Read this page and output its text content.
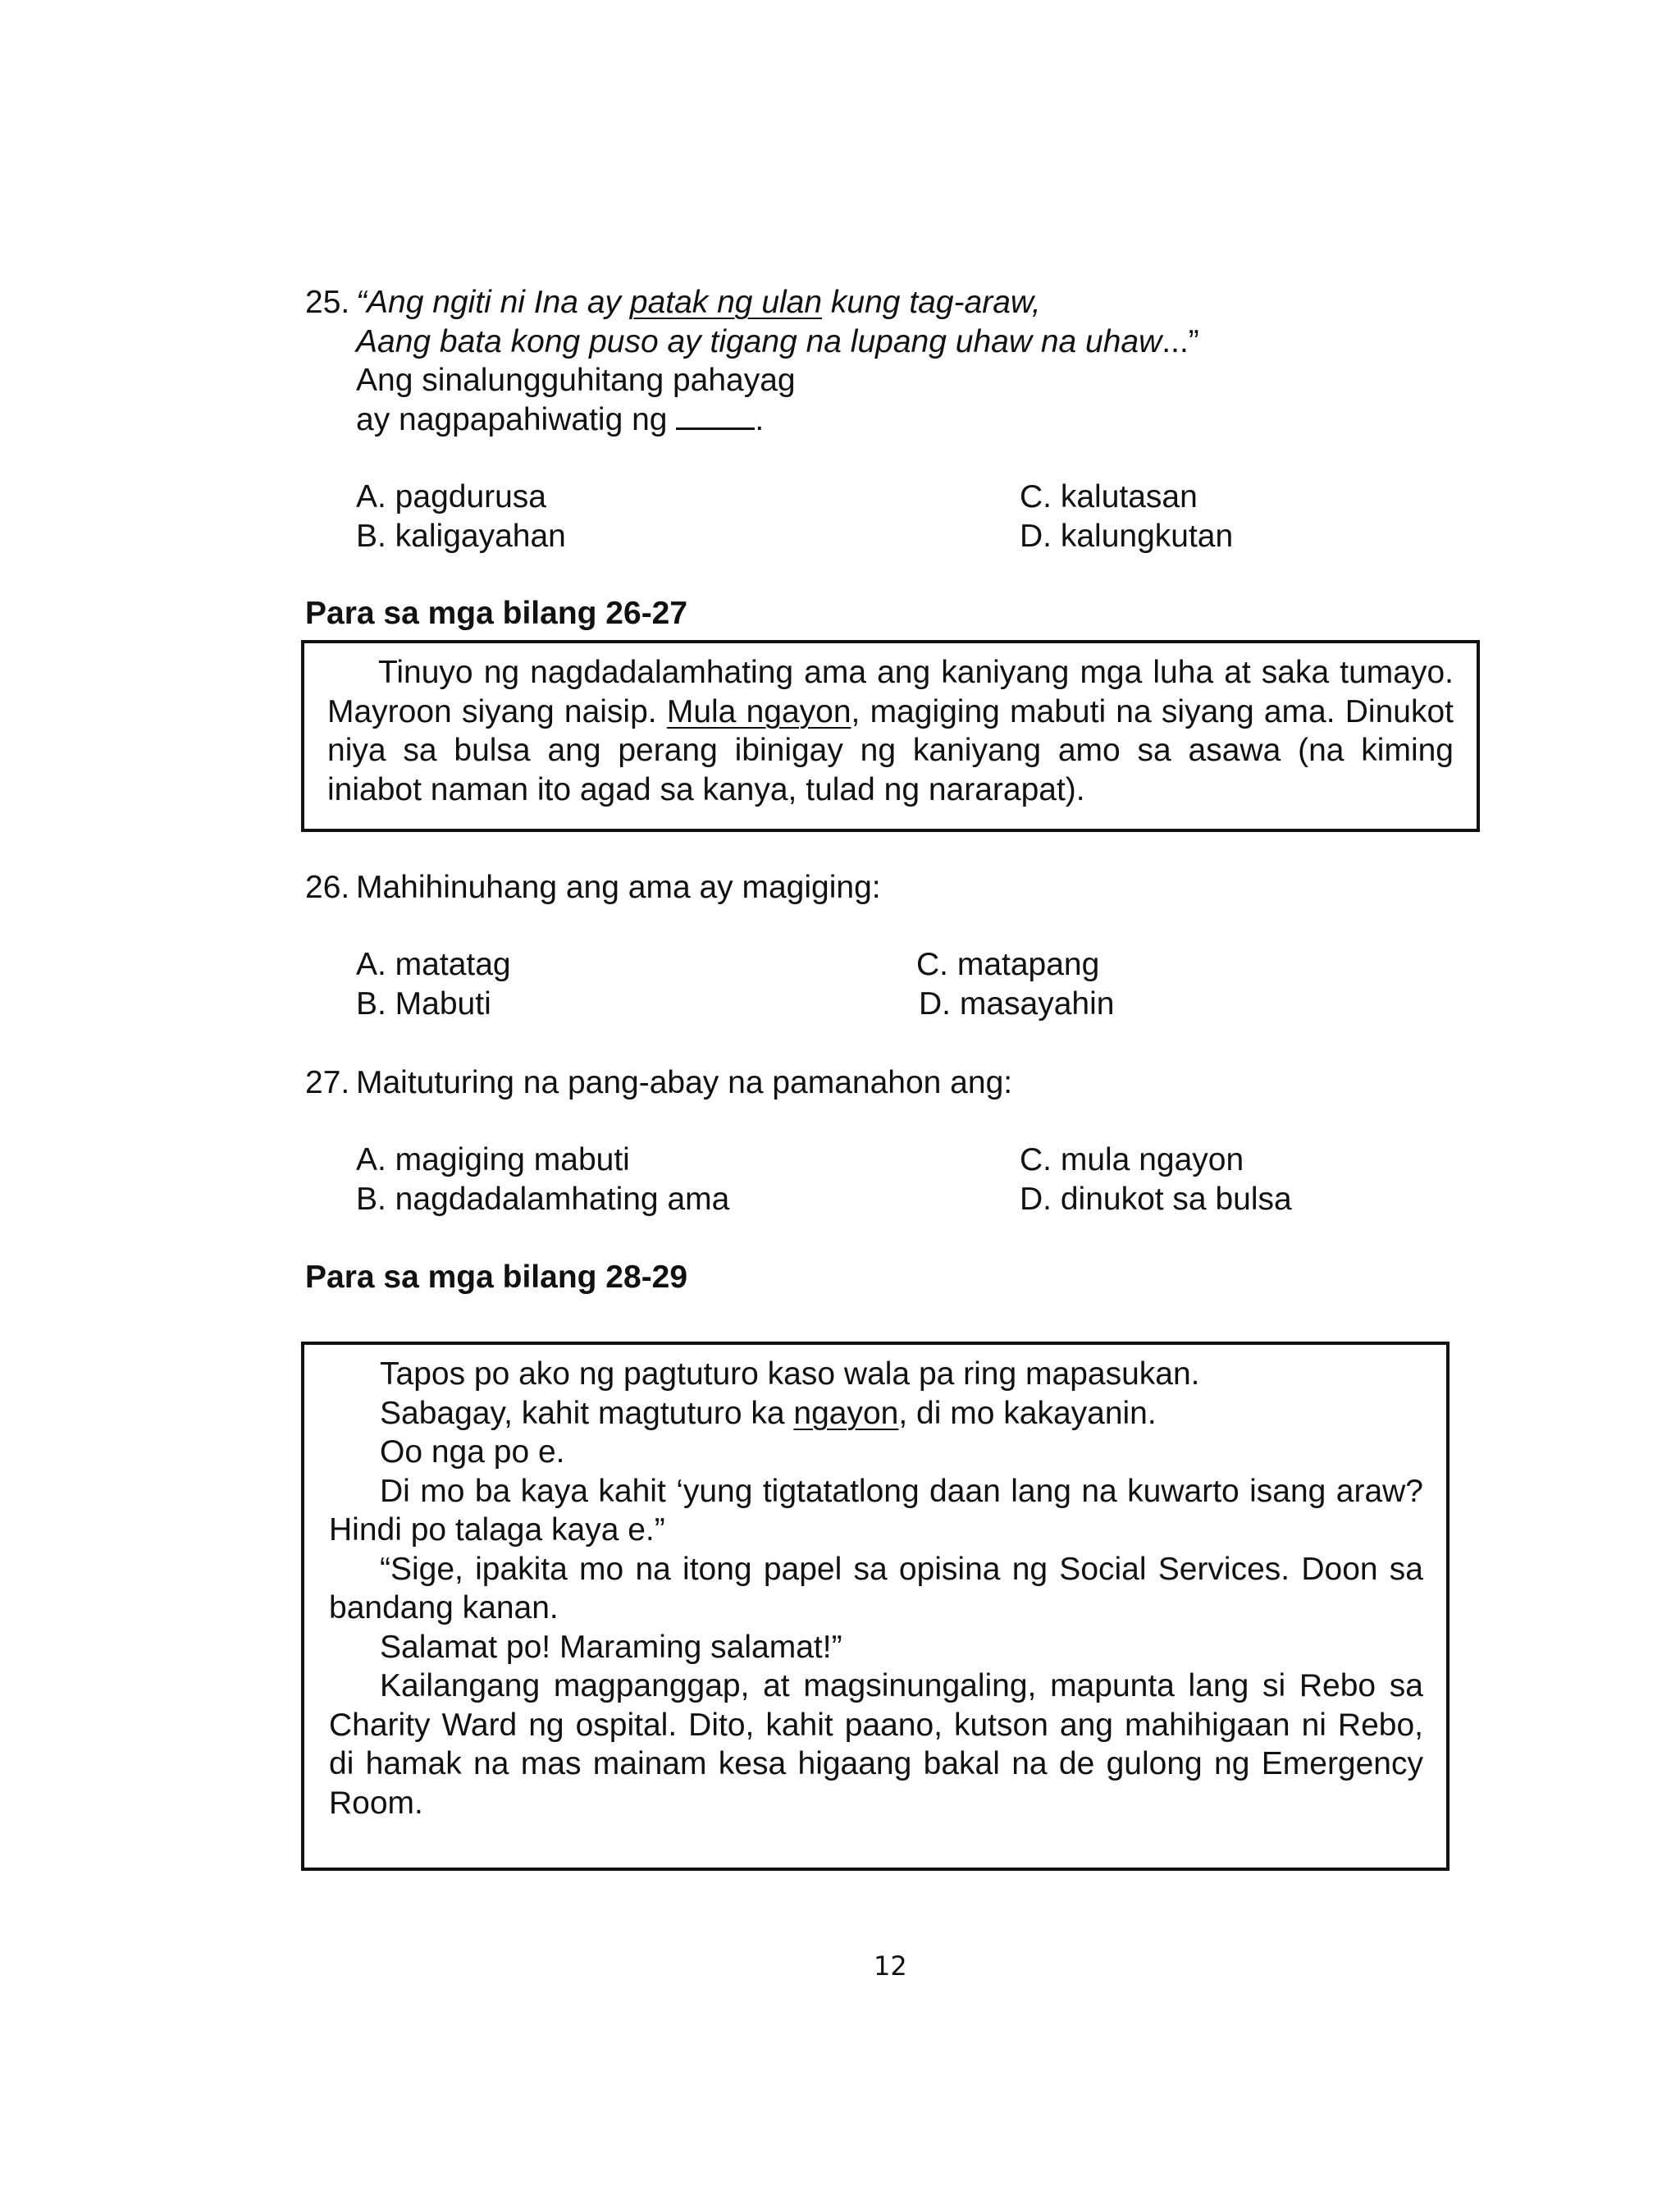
25. “Ang ngiti ni Ina ay patak ng ulan kung tag-araw,
Aang bata kong puso ay tigang na lupang uhaw na uhaw...”
Ang sinalungguhitang pahayag
ay nagpapahiwatig ng	.
A. pagdurusa
B. kaligayahan
C. kalutasan
D. kalungkutan
Para sa mga bilang 26-27
Tinuyo ng nagdadalamhating ama ang kaniyang mga luha at saka tumayo. Mayroon siyang naisip. Mula ngayon, magiging mabuti na siyang ama. Dinukot niya sa bulsa ang perang ibinigay ng kaniyang amo sa asawa (na kiming iniabot naman ito agad sa kanya, tulad ng nararapat).
26. Mahihinuhang ang ama ay magiging:
A. matatag
B. Mabuti
C. matapang
D. masayahin
27. Maituturing na pang-abay na pamanahon ang:
A. magiging mabuti
B. nagdadalamhating ama
C. mula ngayon
D. dinukot sa bulsa
Para sa mga bilang 28-29
Tapos po ako ng pagtuturo kaso wala pa ring mapasukan.
Sabagay, kahit magtuturo ka ngayon, di mo kakayanin.
Oo nga po e.
Di mo ba kaya kahit ‘yung tigtatatlong daan lang na kuwarto isang araw? Hindi po talaga kaya e.”
“Sige, ipakita mo na itong papel sa opisina ng Social Services. Doon sa bandang kanan.
Salamat po! Maraming salamat!”
Kailangang magpanggap, at magsinungaling, mapunta lang si Rebo sa Charity Ward ng ospital. Dito, kahit paano, kutson ang mahihigaan ni Rebo, di hamak na mas mainam kesa higaang bakal na de gulong ng Emergency Room.
12
